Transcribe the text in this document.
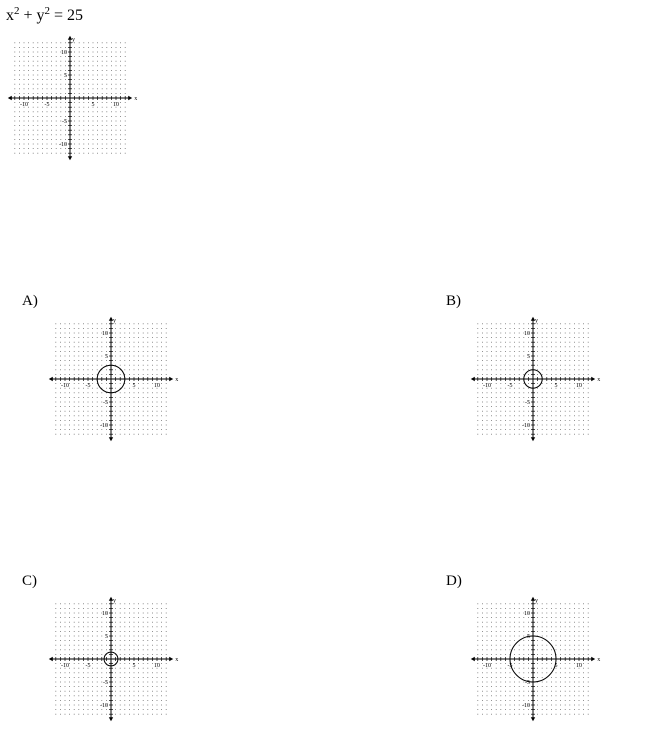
$x^2 + y^2 = 25$
-10	-5	5	10
10
5
-5
-10
x
y
A)	B)
C)	D)
-10	-5	5	10
10
5
-5
-10
x
y
-10	-5	5	10
10
5
-5
-10
x
y
-10	-5	5	10
10
5
-5
-10
x
y
-10	-5	5	10
10
5
-5
-10
x
y
